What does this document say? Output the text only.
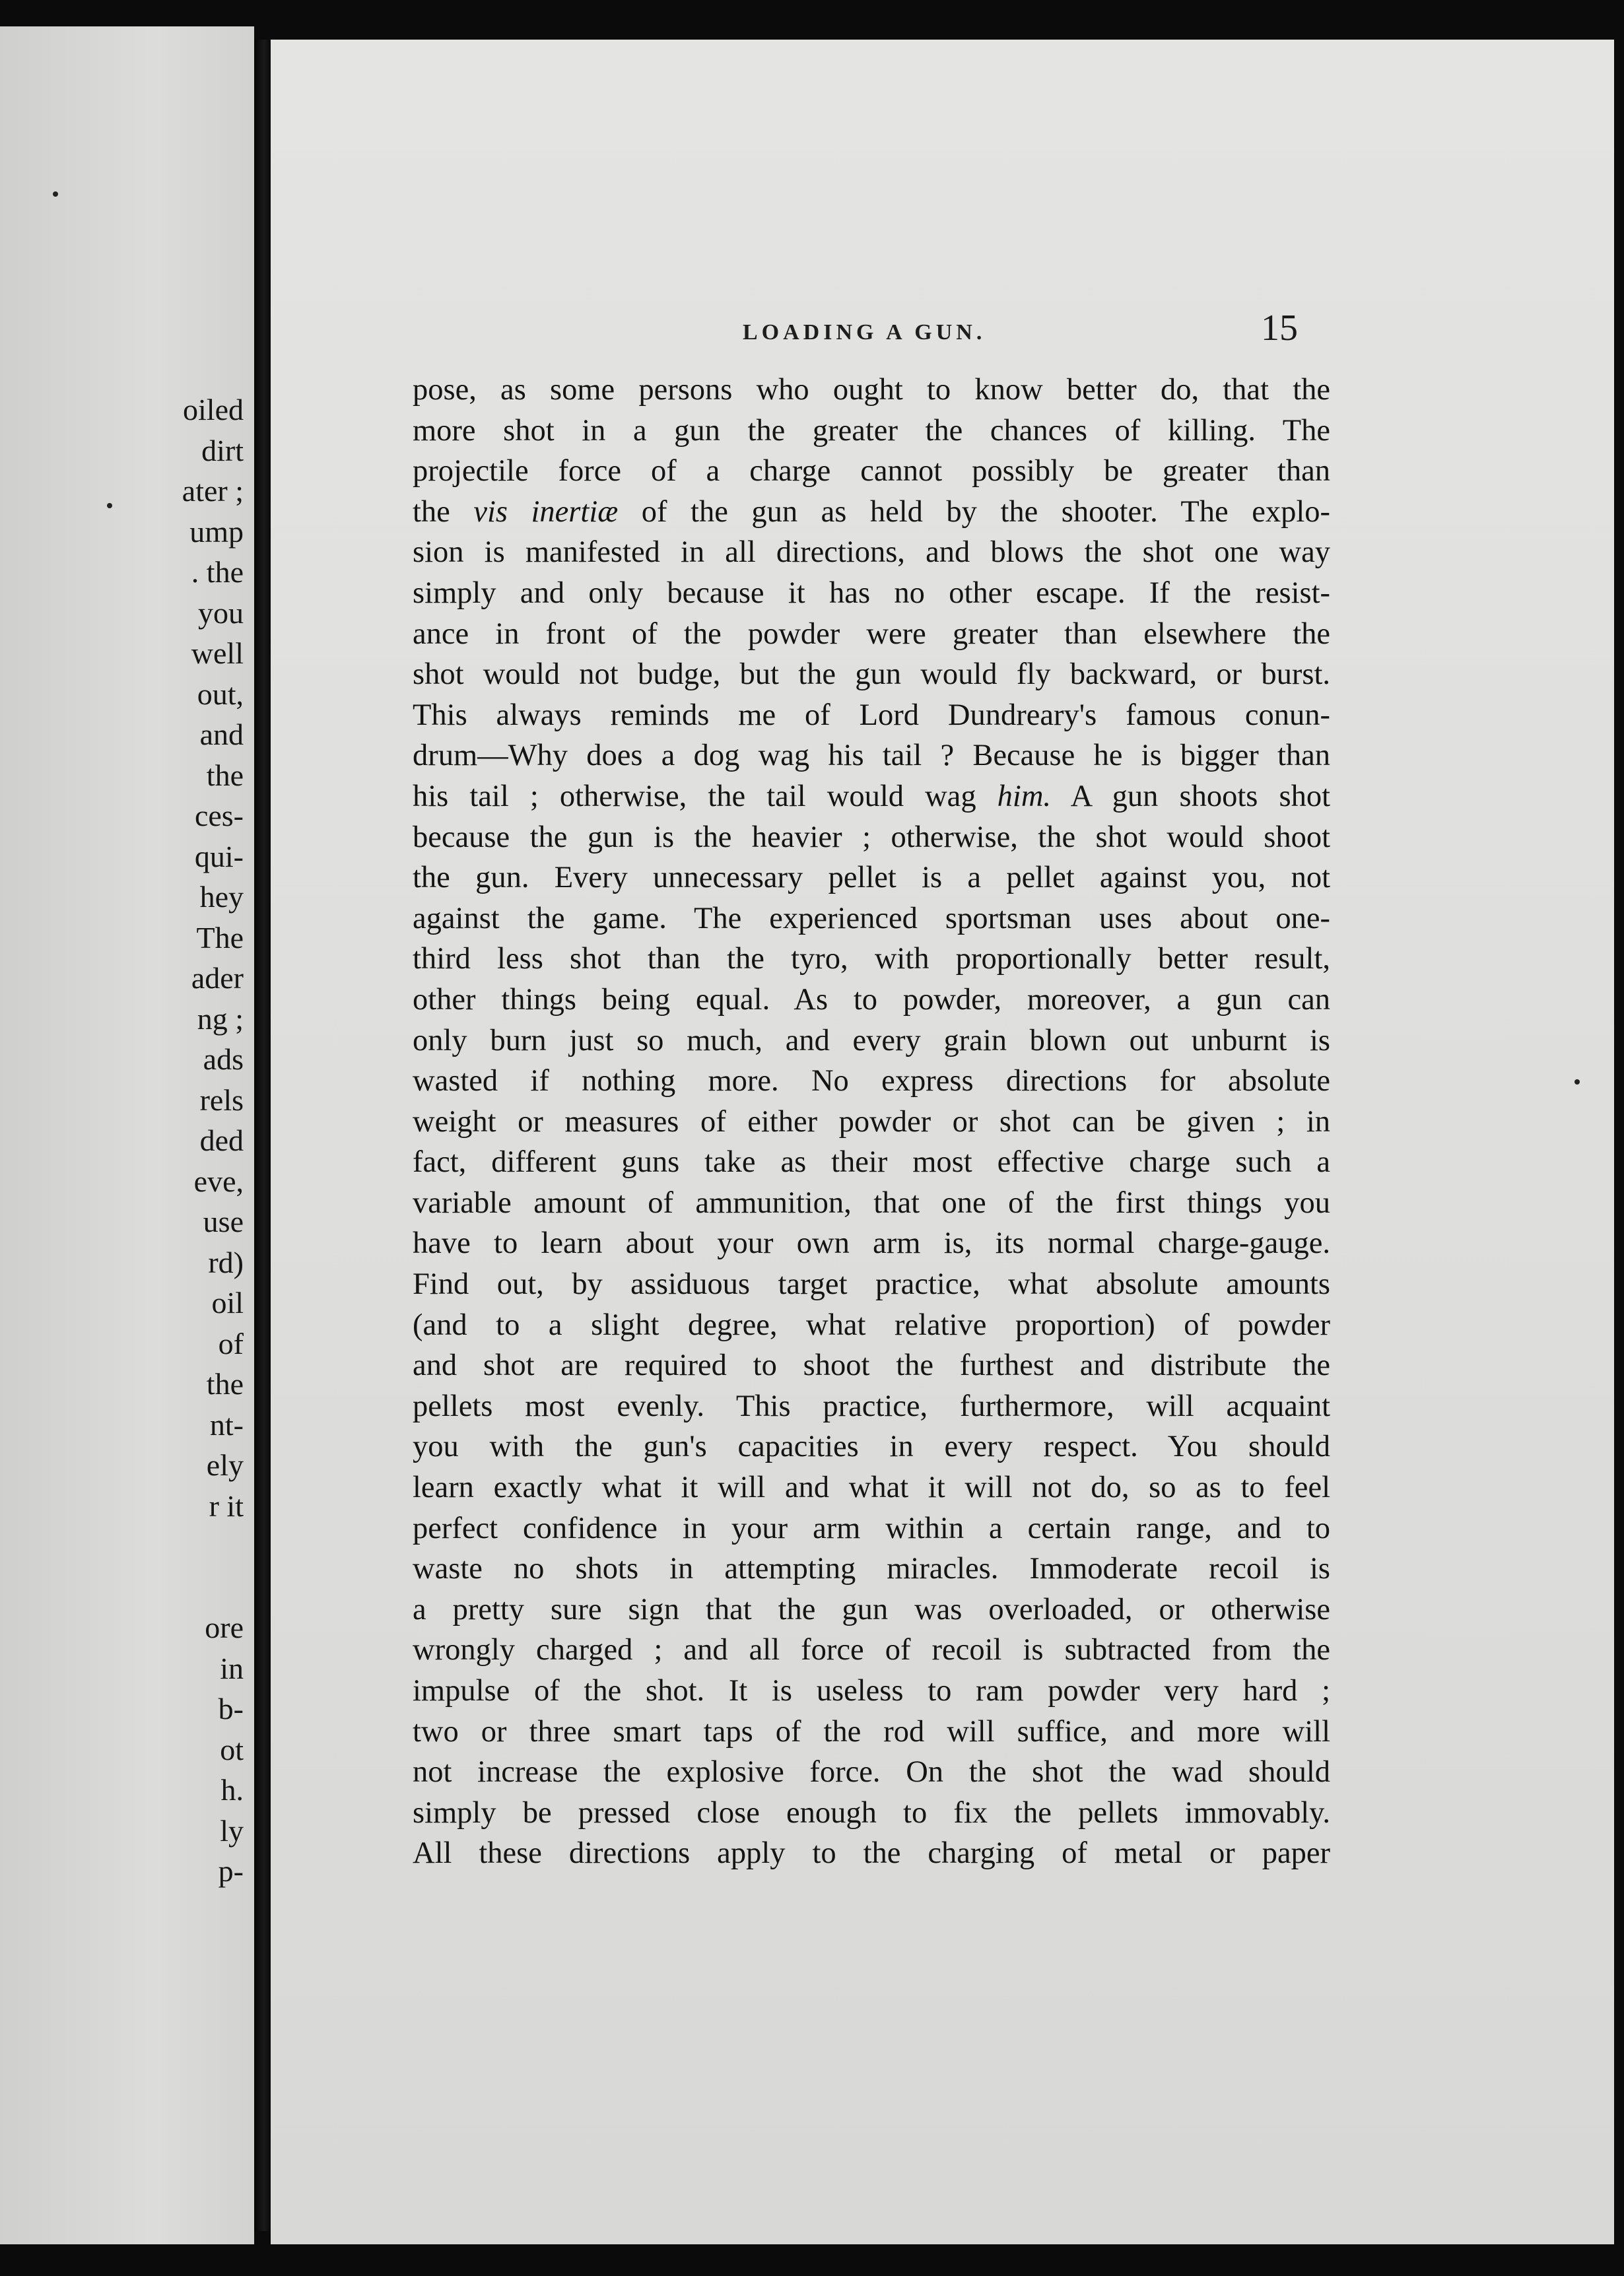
oiled
dirt
ater ;
ump
. the
you
well
out,
and
the
ces-
qui-
hey
The
ader
ng ;
ads
rels
ded
eve,
use
rd)
oil
of
the
nt-
ely
r it
ore
in
b-
ot
h.
ly
p-
LOADING A GUN.	15
pose, as some persons who ought to know better do, that the
more shot in a gun the greater the chances of killing. The
projectile force of a charge cannot possibly be greater than
the vis inertiæ of the gun as held by the shooter. The explo-
sion is manifested in all directions, and blows the shot one way
simply and only because it has no other escape. If the resist-
ance in front of the powder were greater than elsewhere the
shot would not budge, but the gun would fly backward, or burst.
This always reminds me of Lord Dundreary's famous conun-
drum—Why does a dog wag his tail ? Because he is bigger than
his tail ; otherwise, the tail would wag him. A gun shoots shot
because the gun is the heavier ; otherwise, the shot would shoot
the gun. Every unnecessary pellet is a pellet against you, not
against the game. The experienced sportsman uses about one-
third less shot than the tyro, with proportionally better result,
other things being equal. As to powder, moreover, a gun can
only burn just so much, and every grain blown out unburnt is
wasted if nothing more. No express directions for absolute
weight or measures of either powder or shot can be given ; in
fact, different guns take as their most effective charge such a
variable amount of ammunition, that one of the first things you
have to learn about your own arm is, its normal charge-gauge.
Find out, by assiduous target practice, what absolute amounts
(and to a slight degree, what relative proportion) of powder
and shot are required to shoot the furthest and distribute the
pellets most evenly. This practice, furthermore, will acquaint
you with the gun's capacities in every respect. You should
learn exactly what it will and what it will not do, so as to feel
perfect confidence in your arm within a certain range, and to
waste no shots in attempting miracles. Immoderate recoil is
a pretty sure sign that the gun was overloaded, or otherwise
wrongly charged ; and all force of recoil is subtracted from the
impulse of the shot. It is useless to ram powder very hard ;
two or three smart taps of the rod will suffice, and more will
not increase the explosive force. On the shot the wad should
simply be pressed close enough to fix the pellets immovably.
All these directions apply to the charging of metal or paper
